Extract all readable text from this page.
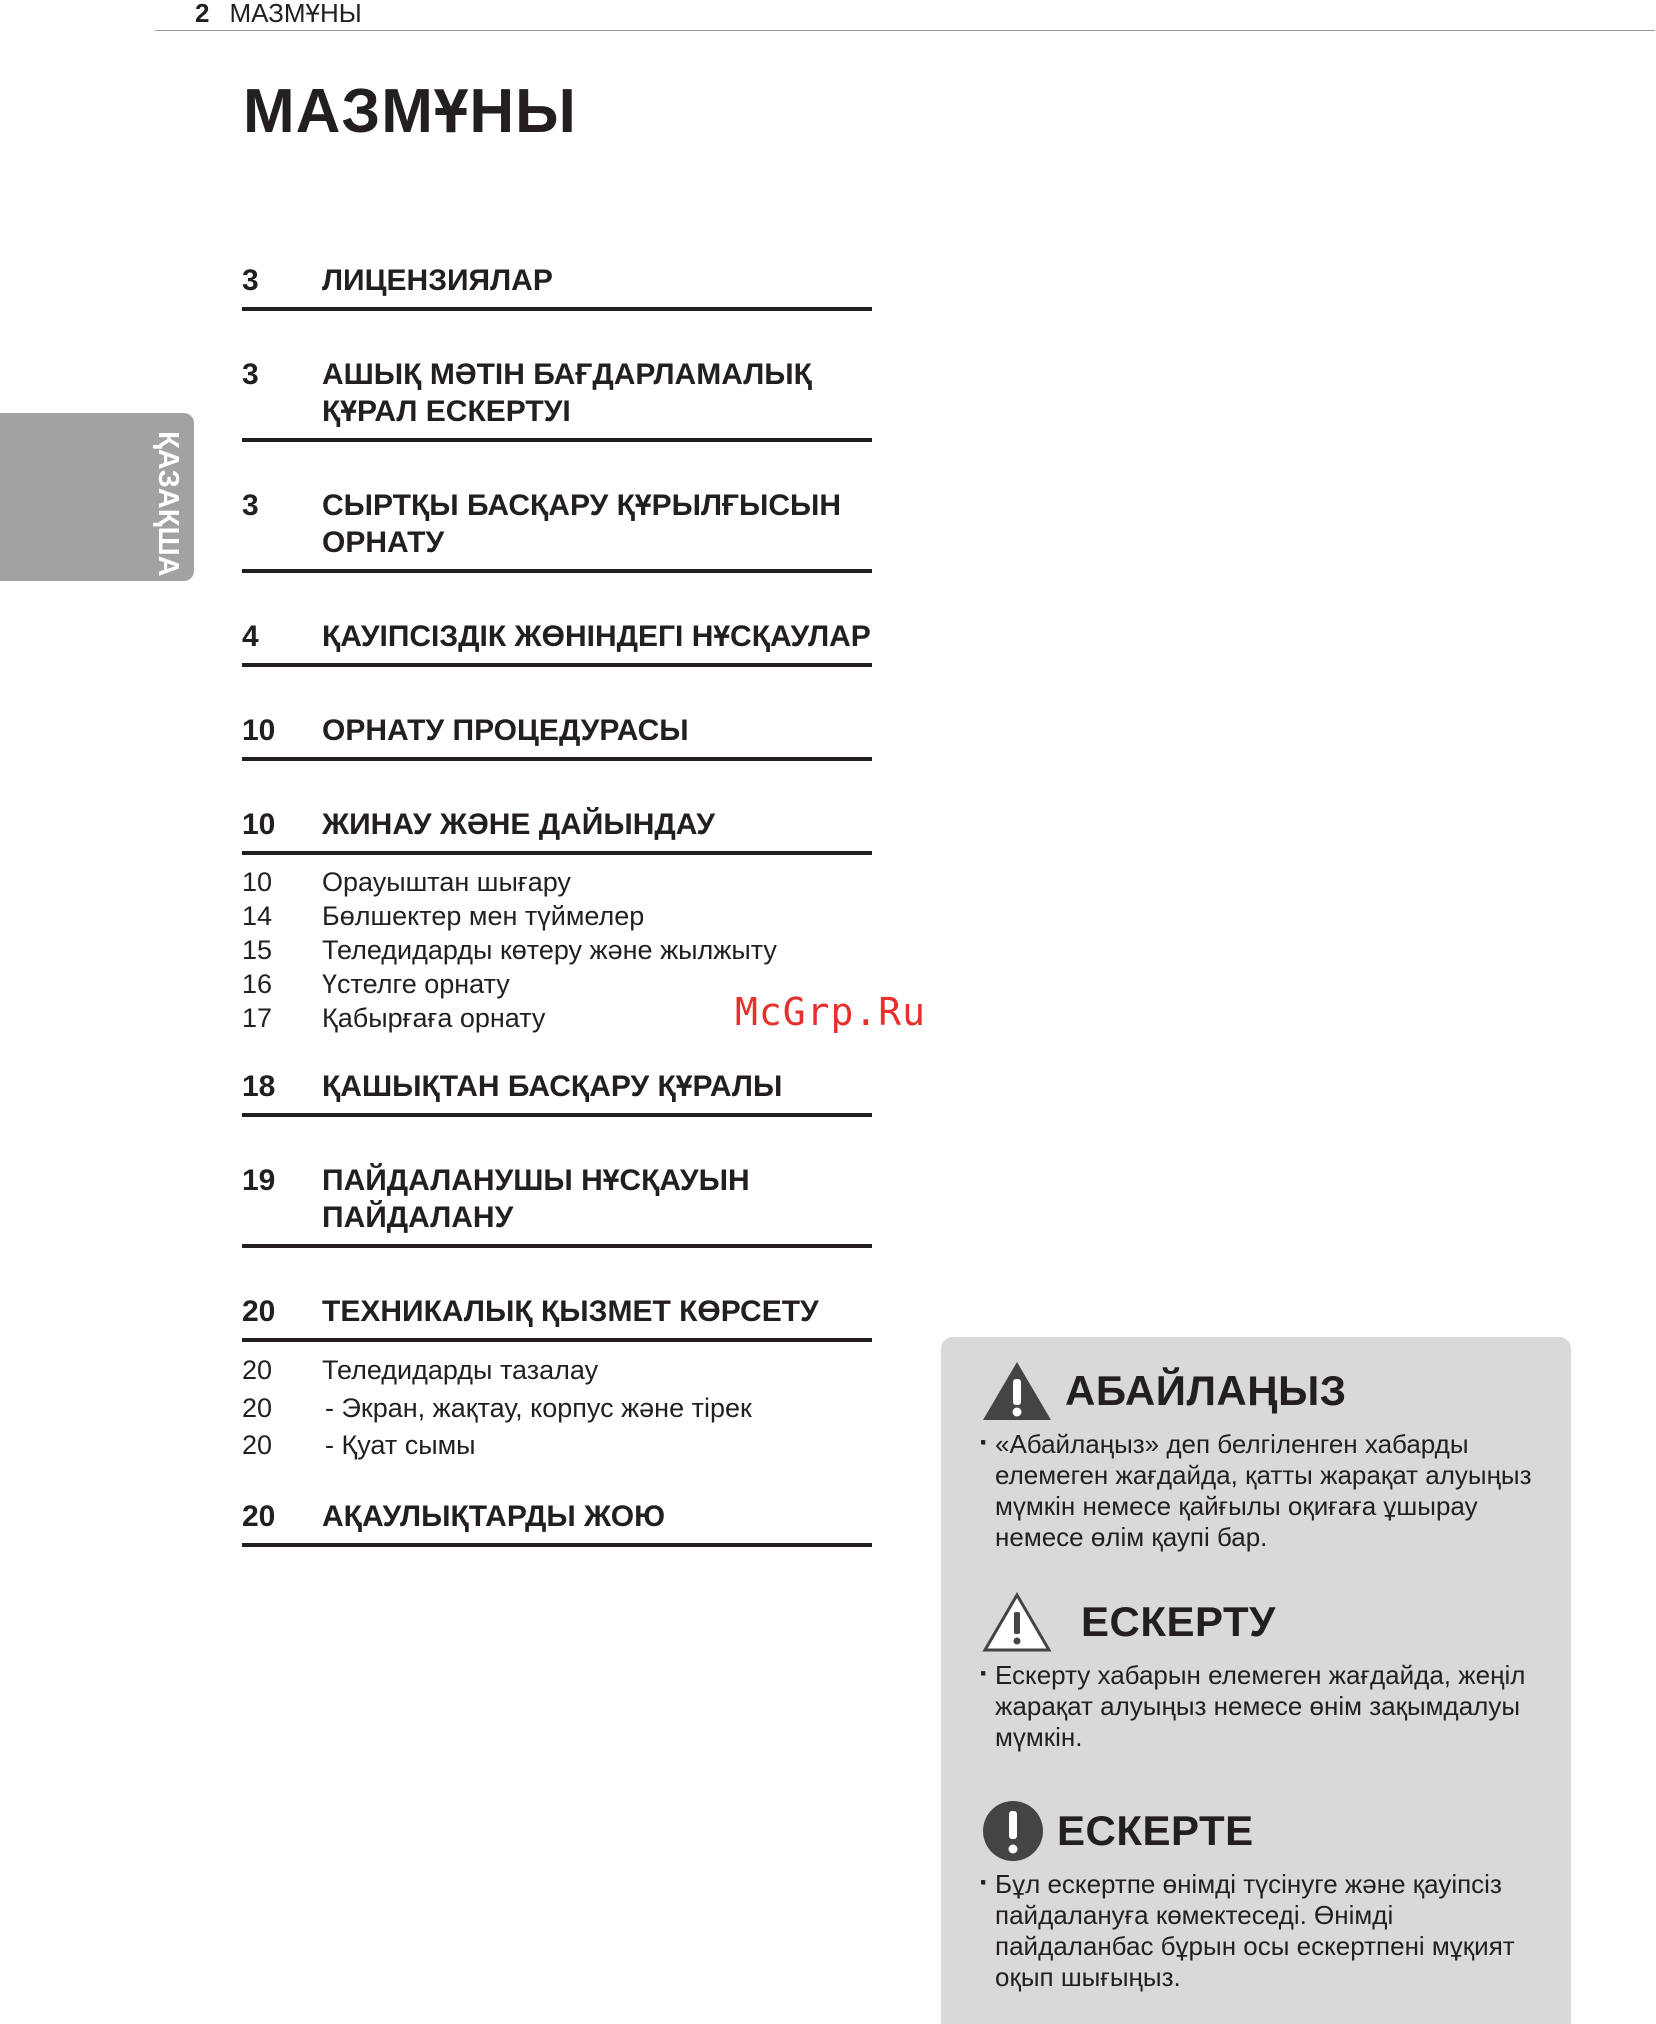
2 МАЗМҰНЫ
МАЗМҰНЫ
ҚАЗАҚША
3	ЛИЦЕНЗИЯЛАР
3	АШЫҚ МӘТІН БАҒДАРЛАМАЛЫҚ ҚҰРАЛ ЕСКЕРТУІ
3	СЫРТҚЫ БАСҚАРУ ҚҰРЫЛҒЫСЫН ОРНАТУ
4	ҚАУІПСІЗДІК ЖӨНІНДЕГІ НҰСҚАУЛАР
10	ОРНАТУ ПРОЦЕДУРАСЫ
10	ЖИНАУ ЖӘНЕ ДАЙЫНДАУ
10	Орауыштан шығару
14	Бөлшектер мен түймелер
15	Теледидарды көтеру және жылжыту
16	Үстелге орнату
17	Қабырғаға орнату
18	ҚАШЫҚТАН БАСҚАРУ ҚҰРАЛЫ
19	ПАЙДАЛАНУШЫ НҰСҚАУЫН ПАЙДАЛАНУ
20	ТЕХНИКАЛЫҚ ҚЫЗМЕТ КӨРСЕТУ
20	Теледидарды тазалау
20	- Экран, жақтау, корпус және тірек
20	- Қуат сымы
20	АҚАУЛЫҚТАРДЫ ЖОЮ
McGrp.Ru
АБАЙЛАҢЫЗ

· «Абайлаңыз» деп белгіленген хабарды елемеген жағдайда, қатты жарақат алуыңыз мүмкін немесе қайғылы оқиғаға ұшырау немесе өлім қаупі бар.

ЕСКЕРТУ

· Ескерту хабарын елемеген жағдайда, жеңіл жарақат алуыңыз немесе өнім зақымдалуы мүмкін.

ЕСКЕРТЕ

· Бұл ескертпе өнімді түсінуге және қауіпсіз пайдалануға көмектеседі. Өнімді пайдаланбас бұрын осы ескертпені мұқият оқып шығыңыз.
